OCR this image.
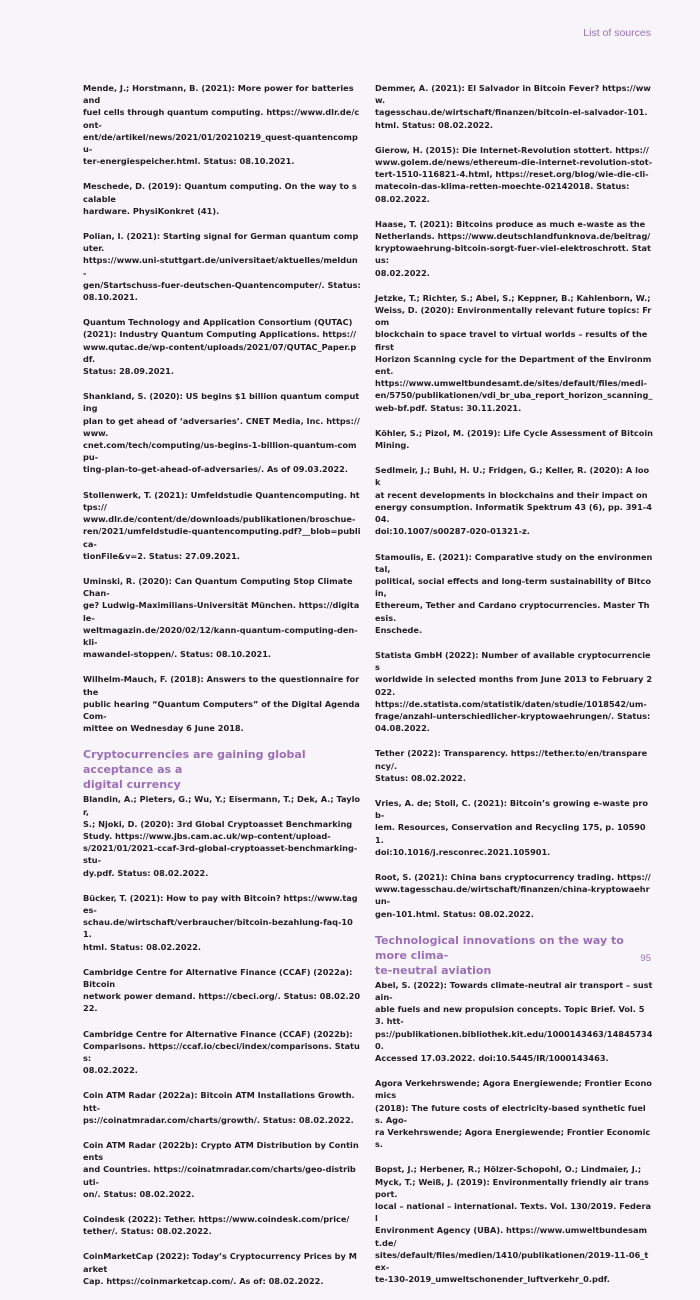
List of sources

Mende, J.; Horstmann, B. (2021): More power for batteries and
fuel cells through quantum computing. https://www.dlr.de/cont-
ent/de/artikel/news/2021/01/20210219_quest-quantencompu-
ter-energiespeicher.html. Status: 08.10.2021.

Meschede, D. (2019): Quantum computing. On the way to scalable
hardware. PhysiKonkret (41).

Polian, I. (2021): Starting signal for German quantum computer.
https://www.uni-stuttgart.de/universitaet/aktuelles/meldun-
gen/Startschuss-fuer-deutschen-Quantencomputer/. Status:
08.10.2021.

Quantum Technology and Application Consortium (QUTAC)
(2021): Industry Quantum Computing Applications. https://
www.qutac.de/wp-content/uploads/2021/07/QUTAC_Paper.pdf.
Status: 28.09.2021.

Shankland, S. (2020): US begins $1 billion quantum computing
plan to get ahead of ‘adversaries’. CNET Media, Inc. https://www.
cnet.com/tech/computing/us-begins-1-billion-quantum-compu-
ting-plan-to-get-ahead-of-adversaries/. As of 09.03.2022.

Stollenwerk, T. (2021): Umfeldstudie Quantencomputing. https://
www.dlr.de/content/de/downloads/publikationen/broschue-
ren/2021/umfeldstudie-quantencomputing.pdf?__blob=publica-
tionFile&v=2. Status: 27.09.2021.

Uminski, R. (2020): Can Quantum Computing Stop Climate Chan-
ge? Ludwig-Maximilians-Universität München. https://digitale-
weltmagazin.de/2020/02/12/kann-quantum-computing-den-kli-
mawandel-stoppen/. Status: 08.10.2021.

Wilhelm-Mauch, F. (2018): Answers to the questionnaire for the
public hearing “Quantum Computers” of the Digital Agenda Com-
mittee on Wednesday 6 June 2018.

Cryptocurrencies are gaining global acceptance as a
digital currency

Blandin, A.; Pieters, G.; Wu, Y.; Eisermann, T.; Dek, A.; Taylor,
S.; Njoki, D. (2020): 3rd Global Cryptoasset Benchmarking
Study. https://www.jbs.cam.ac.uk/wp-content/upload-
s/2021/01/2021-ccaf-3rd-global-cryptoasset-benchmarking-stu-
dy.pdf. Status: 08.02.2022.

Bücker, T. (2021): How to pay with Bitcoin? https://www.tages-
schau.de/wirtschaft/verbraucher/bitcoin-bezahlung-faq-101.
html. Status: 08.02.2022.

Cambridge Centre for Alternative Finance (CCAF) (2022a): Bitcoin
network power demand. https://cbeci.org/. Status: 08.02.2022.

Cambridge Centre for Alternative Finance (CCAF) (2022b):
Comparisons. https://ccaf.io/cbeci/index/comparisons. Status:
08.02.2022.

Coin ATM Radar (2022a): Bitcoin ATM Installations Growth. htt-
ps://coinatmradar.com/charts/growth/. Status: 08.02.2022.

Coin ATM Radar (2022b): Crypto ATM Distribution by Continents
and Countries. https://coinatmradar.com/charts/geo-distributi-
on/. Status: 08.02.2022.

Coindesk (2022): Tether. https://www.coindesk.com/price/
tether/. Status: 08.02.2022.

CoinMarketCap (2022): Today’s Cryptocurrency Prices by Market
Cap. https://coinmarketcap.com/. As of: 08.02.2022.

Demmer, A. (2021): El Salvador in Bitcoin Fever? https://www.
tagesschau.de/wirtschaft/finanzen/bitcoin-el-salvador-101.
html. Status: 08.02.2022.

Gierow, H. (2015): Die Internet-Revolution stottert. https://
www.golem.de/news/ethereum-die-internet-revolution-stot-
tert-1510-116821-4.html, https://reset.org/blog/wie-die-cli-
matecoin-das-klima-retten-moechte-02142018. Status:
08.02.2022.

Haase, T. (2021): Bitcoins produce as much e-waste as the
Netherlands. https://www.deutschlandfunknova.de/beitrag/
kryptowaehrung-bitcoin-sorgt-fuer-viel-elektroschrott. Status:
08.02.2022.

Jetzke, T.; Richter, S.; Abel, S.; Keppner, B.; Kahlenborn, W.;
Weiss, D. (2020): Environmentally relevant future topics: From
blockchain to space travel to virtual worlds – results of the first
Horizon Scanning cycle for the Department of the Environment.
https://www.umweltbundesamt.de/sites/default/files/medi-
en/5750/publikationen/vdi_br_uba_report_horizon_scanning_
web-bf.pdf. Status: 30.11.2021.

Köhler, S.; Pizol, M. (2019): Life Cycle Assessment of Bitcoin
Mining.

Sedlmeir, J.; Buhl, H. U.; Fridgen, G.; Keller, R. (2020): A look
at recent developments in blockchains and their impact on
energy consumption. Informatik Spektrum 43 (6), pp. 391-404.
doi:10.1007/s00287-020-01321-z.

Stamoulis, E. (2021): Comparative study on the environmental,
political, social effects and long-term sustainability of Bitcoin,
Ethereum, Tether and Cardano cryptocurrencies. Master Thesis.
Enschede.

Statista GmbH (2022): Number of available cryptocurrencies
worldwide in selected months from June 2013 to February 2022.
https://de.statista.com/statistik/daten/studie/1018542/um-
frage/anzahl-unterschiedlicher-kryptowaehrungen/. Status:
04.08.2022.

Tether (2022): Transparency. https://tether.to/en/transparency/.
Status: 08.02.2022.

Vries, A. de; Stoll, C. (2021): Bitcoin’s growing e-waste prob-
lem. Resources, Conservation and Recycling 175, p. 105901.
doi:10.1016/j.resconrec.2021.105901.

Root, S. (2021): China bans cryptocurrency trading. https://
www.tagesschau.de/wirtschaft/finanzen/china-kryptowaehrun-
gen-101.html. Status: 08.02.2022.

Technological innovations on the way to more clima-
te-neutral aviation

Abel, S. (2022): Towards climate-neutral air transport – sustain-
able fuels and new propulsion concepts. Topic Brief. Vol. 53. htt-
ps://publikationen.bibliothek.kit.edu/1000143463/148457340.
Accessed 17.03.2022. doi:10.5445/IR/1000143463.

Agora Verkehrswende; Agora Energiewende; Frontier Economics
(2018): The future costs of electricity-based synthetic fuels. Ago-
ra Verkehrswende; Agora Energiewende; Frontier Economics.

Bopst, J.; Herbener, R.; Hölzer-Schopohl, O.; Lindmaier, J.;
Myck, T.; Weiß, J. (2019): Environmentally friendly air transport.
local – national – international. Texts. Vol. 130/2019. Federal
Environment Agency (UBA). https://www.umweltbundesamt.de/
sites/default/files/medien/1410/publikationen/2019-11-06_tex-
te-130-2019_umweltschonender_luftverkehr_0.pdf.

95
